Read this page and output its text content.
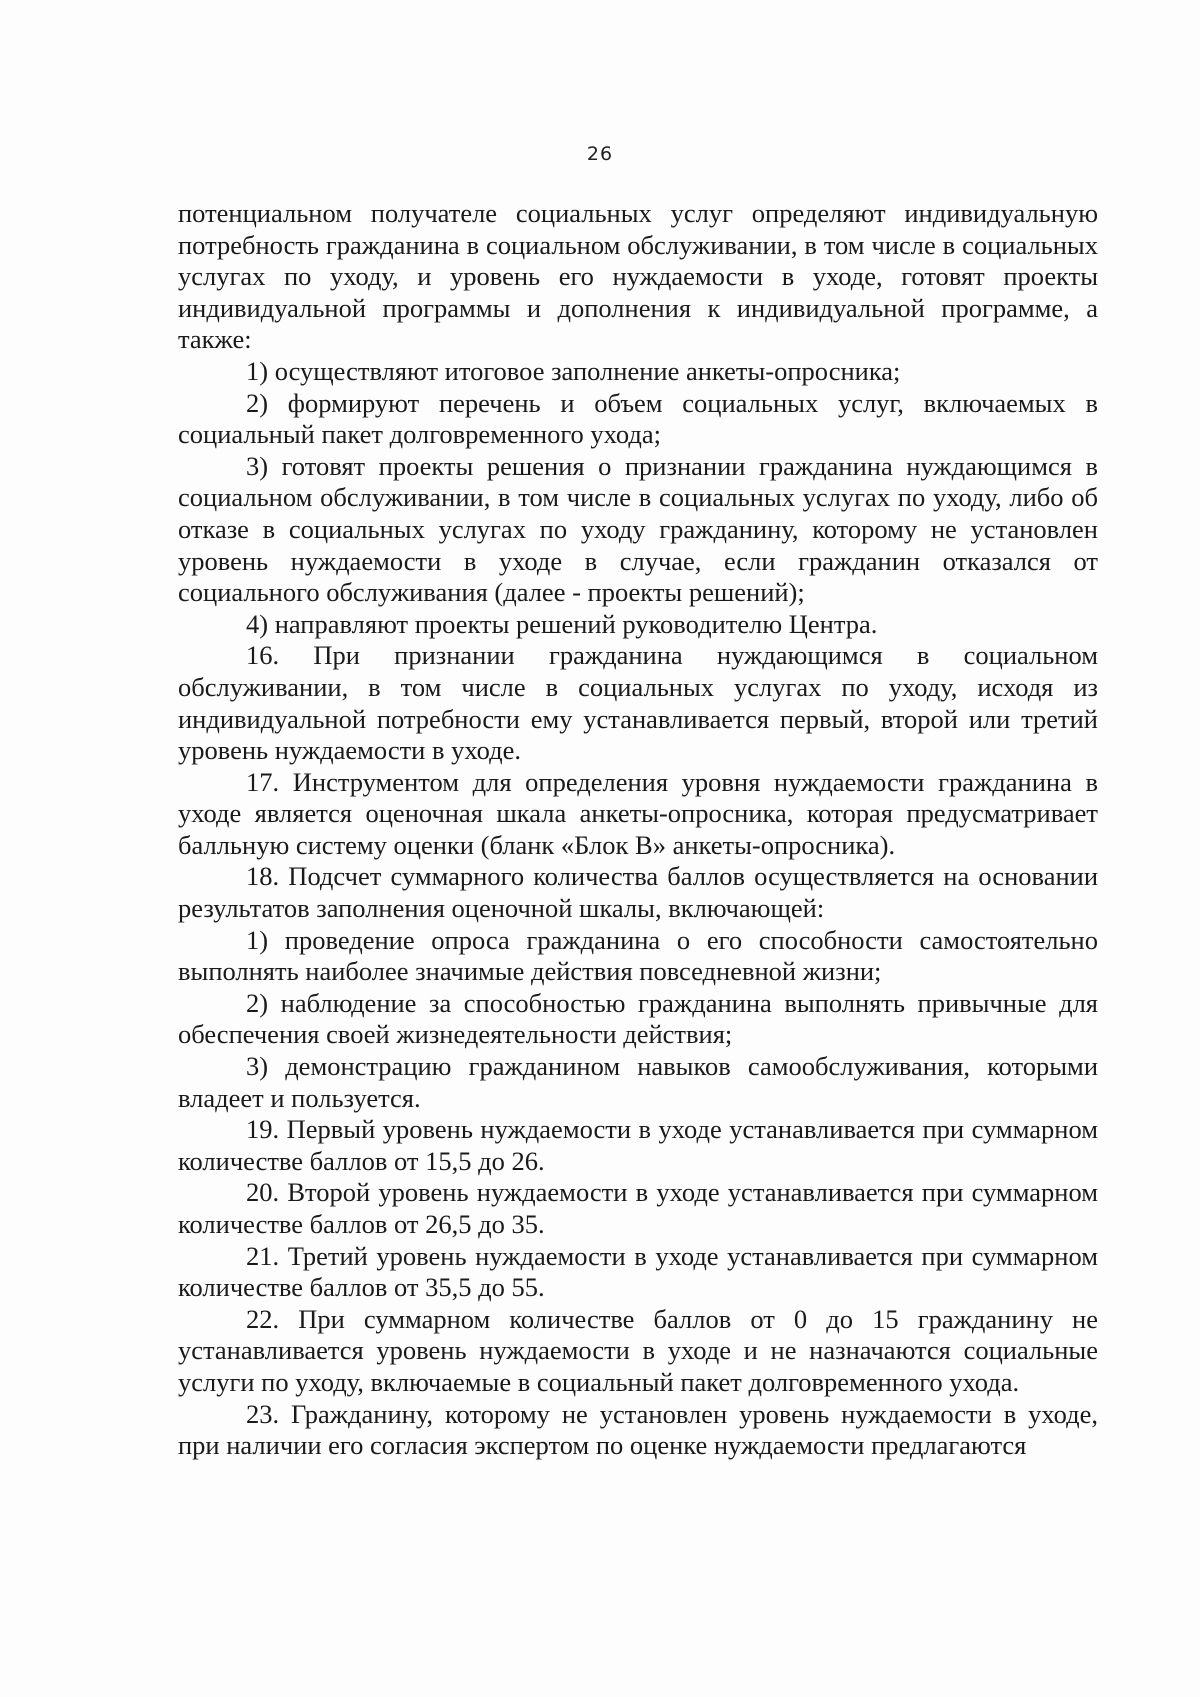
26

потенциальном получателе социальных услуг определяют индивидуальную потребность гражданина в социальном обслуживании, в том числе в социальных услугах по уходу, и уровень его нуждаемости в уходе, готовят проекты индивидуальной программы и дополнения к индивидуальной программе, а также:

1) осуществляют итоговое заполнение анкеты-опросника;

2) формируют перечень и объем социальных услуг, включаемых в социальный пакет долговременного ухода;

3) готовят проекты решения о признании гражданина нуждающимся в социальном обслуживании, в том числе в социальных услугах по уходу, либо об отказе в социальных услугах по уходу гражданину, которому не установлен уровень нуждаемости в уходе в случае, если гражданин отказался от социального обслуживания (далее - проекты решений);

4) направляют проекты решений руководителю Центра.

16. При признании гражданина нуждающимся в социальном обслуживании, в том числе в социальных услугах по уходу, исходя из индивидуальной потребности ему устанавливается первый, второй или третий уровень нуждаемости в уходе.

17. Инструментом для определения уровня нуждаемости гражданина в уходе является оценочная шкала анкеты-опросника, которая предусматривает балльную систему оценки (бланк «Блок В» анкеты-опросника).

18. Подсчет суммарного количества баллов осуществляется на основании результатов заполнения оценочной шкалы, включающей:

1) проведение опроса гражданина о его способности самостоятельно выполнять наиболее значимые действия повседневной жизни;

2) наблюдение за способностью гражданина выполнять привычные для обеспечения своей жизнедеятельности действия;

3) демонстрацию гражданином навыков самообслуживания, которыми владеет и пользуется.

19. Первый уровень нуждаемости в уходе устанавливается при суммарном количестве баллов от 15,5 до 26.

20. Второй уровень нуждаемости в уходе устанавливается при суммарном количестве баллов от 26,5 до 35.

21. Третий уровень нуждаемости в уходе устанавливается при суммарном количестве баллов от 35,5 до 55.

22. При суммарном количестве баллов от 0 до 15 гражданину не устанавливается уровень нуждаемости в уходе и не назначаются социальные услуги по уходу, включаемые в социальный пакет долговременного ухода.

23. Гражданину, которому не установлен уровень нуждаемости в уходе, при наличии его согласия экспертом по оценке нуждаемости предлагаются
